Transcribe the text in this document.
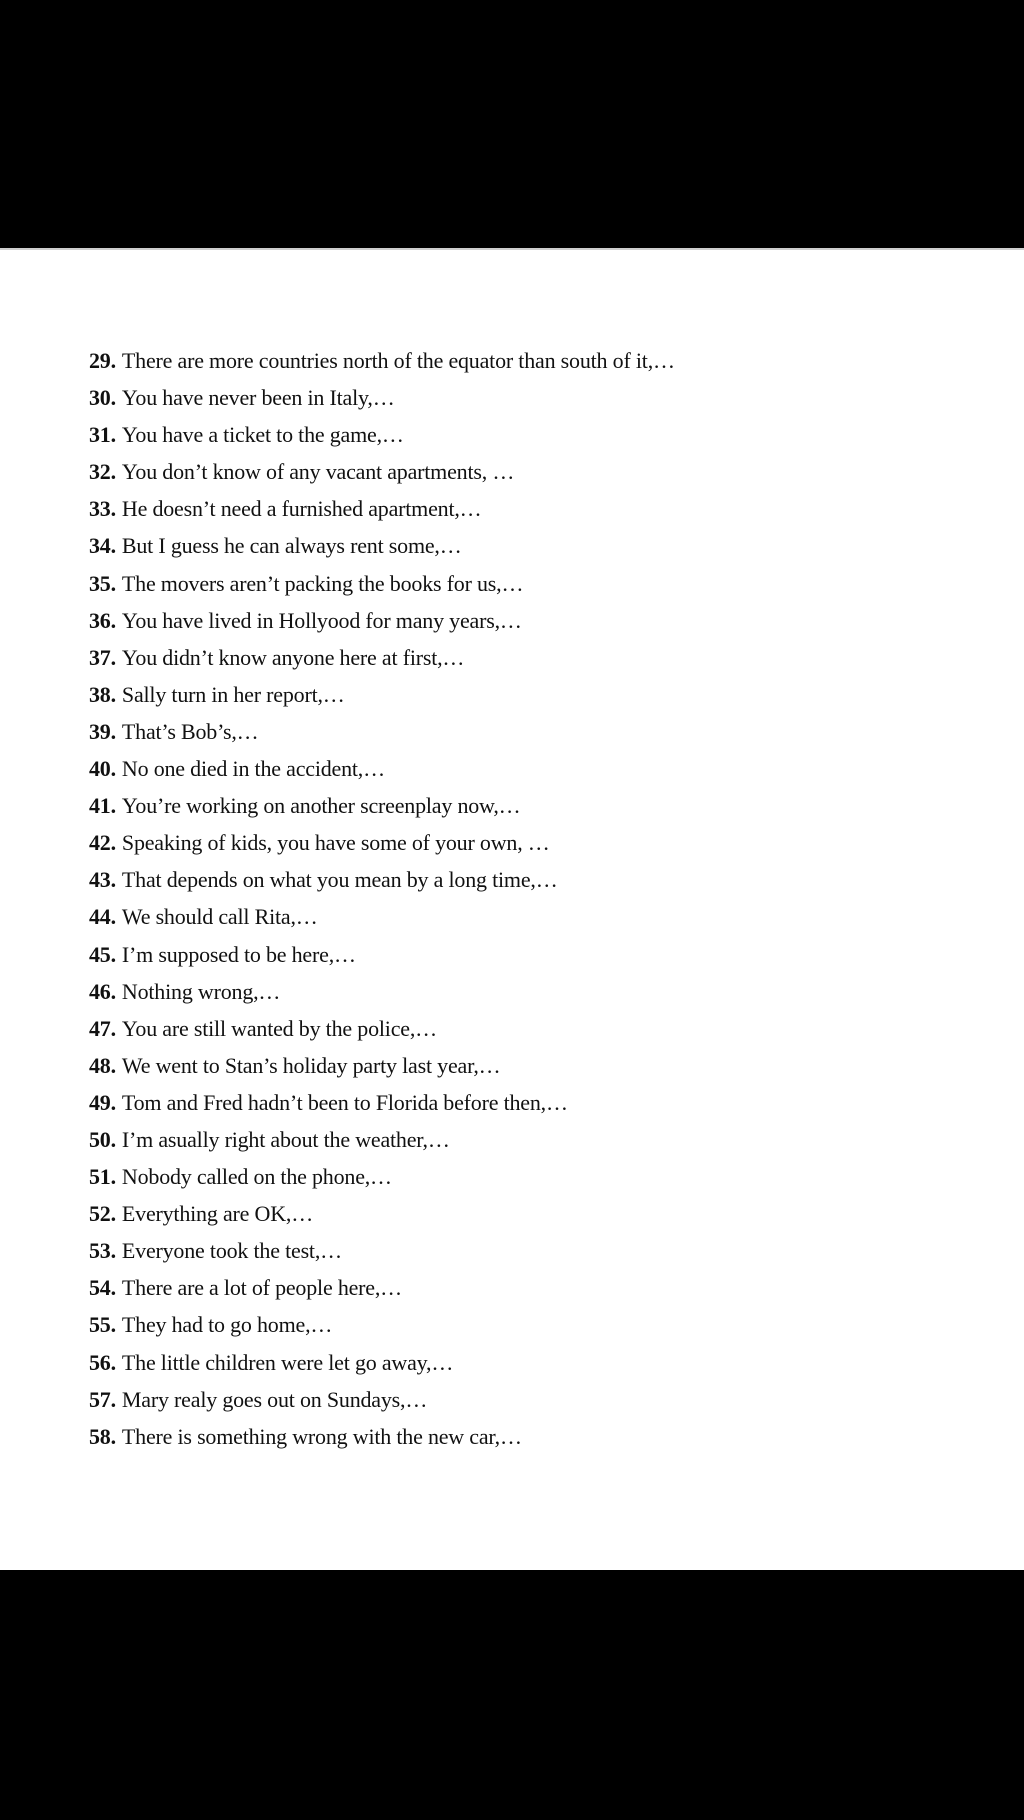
29. There are more countries north of the equator than south of it,…
30. You have never been in Italy,…
31. You have a ticket to the game,…
32. You don’t know of any vacant apartments, …
33. He doesn’t need a furnished apartment,…
34. But I guess he can always rent some,…
35. The movers aren’t packing the books for us,…
36. You have lived in Hollyood for many years,…
37. You didn’t know anyone here at first,…
38. Sally turn in her report,…
39. That’s Bob’s,…
40. No one died in the accident,…
41. You’re working on another screenplay now,…
42. Speaking of kids, you have some of your own, …
43. That depends on what you mean by a long time,…
44. We should call Rita,…
45. I’m supposed to be here,…
46. Nothing wrong,…
47. You are still wanted by the police,…
48. We went to Stan’s holiday party last year,…
49. Tom and Fred hadn’t been to Florida before then,…
50. I’m asually right about the weather,…
51. Nobody called on the phone,…
52. Everything are OK,…
53. Everyone took the test,…
54. There are a lot of people here,…
55. They had to go home,…
56. The little children were let go away,…
57. Mary realy goes out on Sundays,…
58. There is something wrong with the new car,…
